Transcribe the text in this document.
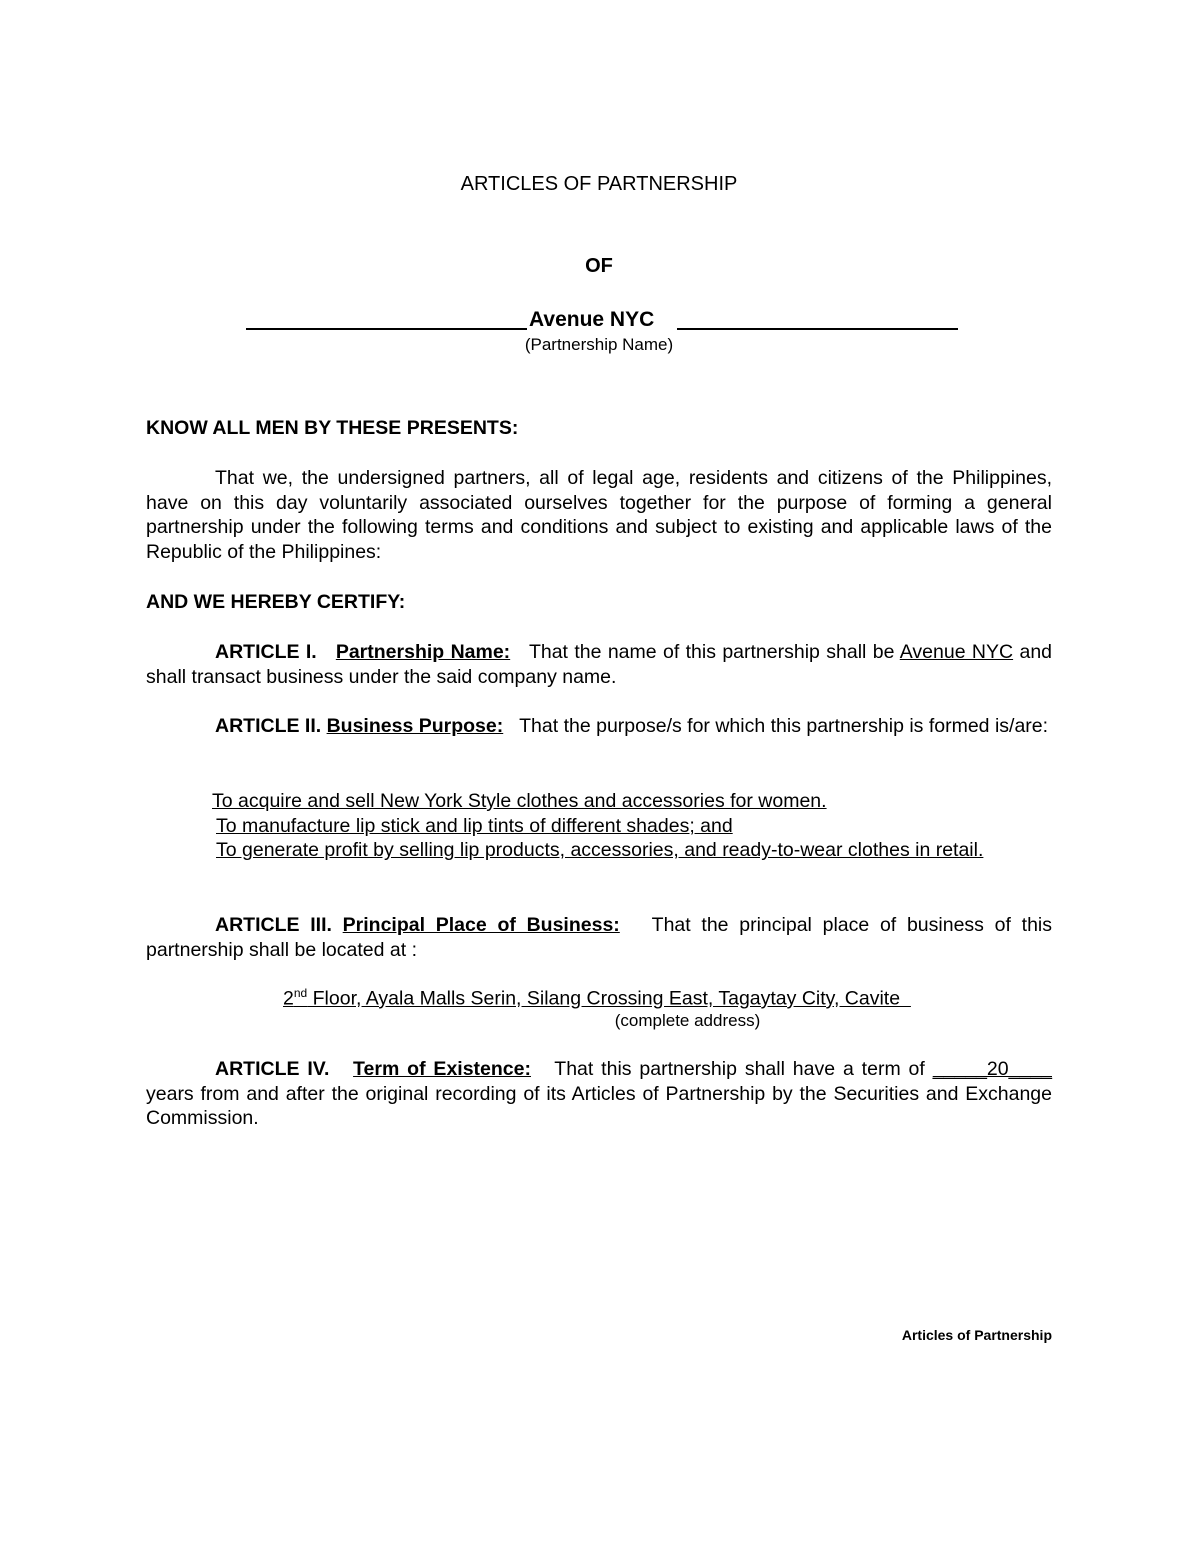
ARTICLES OF PARTNERSHIP
OF
Avenue NYC
(Partnership Name)
KNOW ALL MEN BY THESE PRESENTS:
That we, the undersigned partners, all of legal age, residents and citizens of the Philippines, have on this day voluntarily associated ourselves together for the purpose of forming a general partnership under the following terms and conditions and subject to existing and applicable laws of the Republic of the Philippines:
AND WE HEREBY CERTIFY:
ARTICLE I. Partnership Name: That the name of this partnership shall be Avenue NYC and shall transact business under the said company name.
ARTICLE II. Business Purpose: That the purpose/s for which this partnership is formed is/are:
To acquire and sell New York Style clothes and accessories for women.
To manufacture lip stick and lip tints of different shades; and
To generate profit by selling lip products, accessories, and ready-to-wear clothes in retail.
ARTICLE III. Principal Place of Business: That the principal place of business of this partnership shall be located at :
2nd Floor, Ayala Malls Serin, Silang Crossing East, Tagaytay City, Cavite
(complete address)
ARTICLE IV. Term of Existence: That this partnership shall have a term of _____20____ years from and after the original recording of its Articles of Partnership by the Securities and Exchange Commission.
Articles of Partnership
